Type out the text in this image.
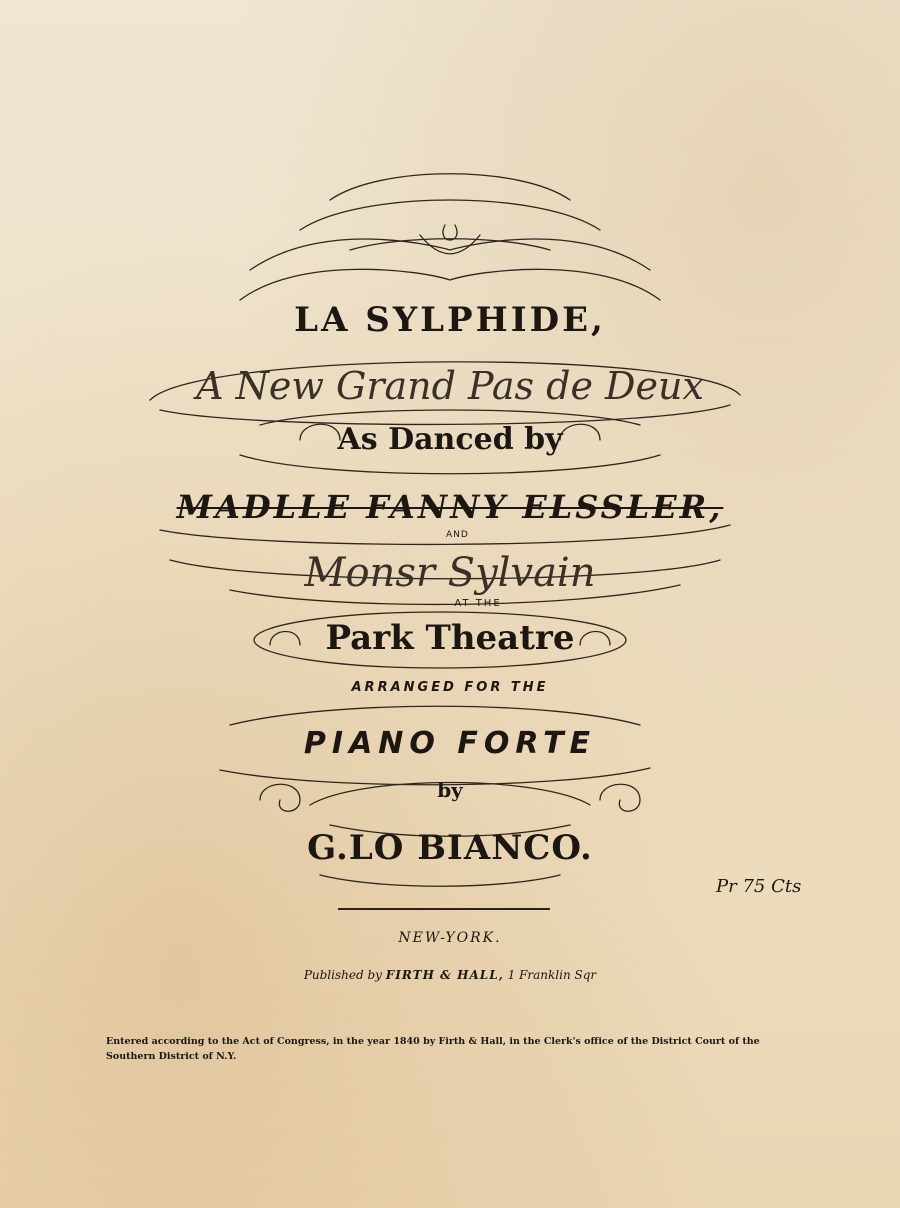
LA SYLPHIDE,
A New Grand Pas de Deux
As Danced by
MADLLE FANNY ELSSLER,
AND
Monsr Sylvain
AT THE
Park Theatre
ARRANGED FOR THE
PIANO FORTE
by
G.LO BIANCO.
Pr 75 Cts
NEW-YORK.
Published by FIRTH & HALL, 1 Franklin Sqr
Entered according to the Act of Congress, in the year 1840 by Firth & Hall, in the Clerk's office of the District Court of the Southern District of N.Y.
